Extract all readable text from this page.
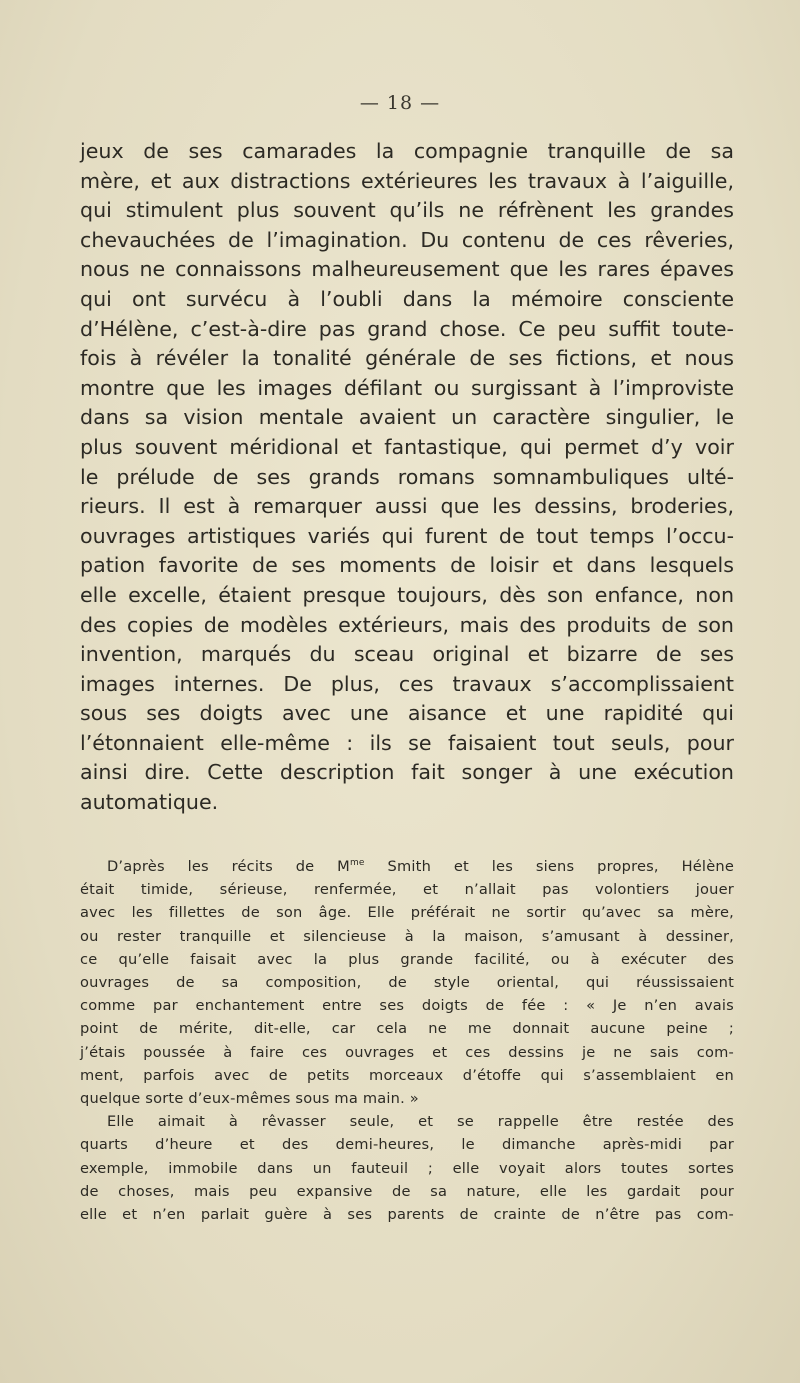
— 18 —
jeux de ses camarades la compagnie tranquille de sa
mère, et aux distractions extérieures les travaux à l’aiguille,
qui stimulent plus souvent qu’ils ne réfrènent les grandes
chevauchées de l’imagination. Du contenu de ces rêveries,
nous ne connaissons malheureusement que les rares épaves
qui ont survécu à l’oubli dans la mémoire consciente
d’Hélène, c’est-à-dire pas grand chose. Ce peu suffit toute-
fois à révéler la tonalité générale de ses fictions, et nous
montre que les images défilant ou surgissant à l’improviste
dans sa vision mentale avaient un caractère singulier, le
plus souvent méridional et fantastique, qui permet d’y voir
le prélude de ses grands romans somnambuliques ulté-
rieurs. Il est à remarquer aussi que les dessins, broderies,
ouvrages artistiques variés qui furent de tout temps l’occu-
pation favorite de ses moments de loisir et dans lesquels
elle excelle, étaient presque toujours, dès son enfance, non
des copies de modèles extérieurs, mais des produits de son
invention, marqués du sceau original et bizarre de ses
images internes. De plus, ces travaux s’accomplissaient
sous ses doigts avec une aisance et une rapidité qui
l’étonnaient elle-même : ils se faisaient tout seuls, pour
ainsi dire. Cette description fait songer à une exécution
automatique.
D’après les récits de $M^{me}$ Smith et les siens propres, Hélène
était timide, sérieuse, renfermée, et n’allait pas volontiers jouer
avec les fillettes de son âge. Elle préférait ne sortir qu’avec sa mère,
ou rester tranquille et silencieuse à la maison, s’amusant à dessiner,
ce qu’elle faisait avec la plus grande facilité, ou à exécuter des
ouvrages de sa composition, de style oriental, qui réussissaient
comme par enchantement entre ses doigts de fée : « Je n’en avais
point de mérite, dit-elle, car cela ne me donnait aucune peine ;
j’étais poussée à faire ces ouvrages et ces dessins je ne sais com-
ment, parfois avec de petits morceaux d’étoffe qui s’assemblaient en
quelque sorte d’eux-mêmes sous ma main. »
Elle aimait à rêvasser seule, et se rappelle être restée des
quarts d’heure et des demi-heures, le dimanche après-midi par
exemple, immobile dans un fauteuil ; elle voyait alors toutes sortes
de choses, mais peu expansive de sa nature, elle les gardait pour
elle et n’en parlait guère à ses parents de crainte de n’être pas com-
